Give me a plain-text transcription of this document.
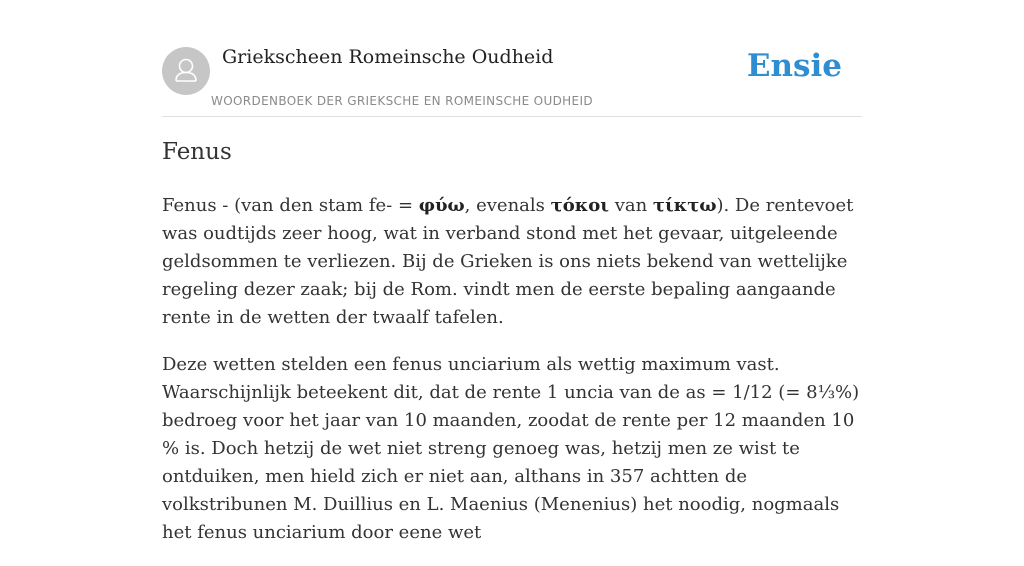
Griekscheen Romeinsche Oudheid
WOORDENBOEK DER GRIEKSCHE EN ROMEINSCHE OUDHEID
Ensie
Fenus

Fenus - (van den stam fe- = φύω, evenals τόκοι van τίκτω). De rentevoet was oudtijds zeer hoog, wat in verband stond met het gevaar, uitgeleende geldsommen te verliezen. Bij de Grieken is ons niets bekend van wettelijke regeling dezer zaak; bij de Rom. vindt men de eerste bepaling aangaande rente in de wetten der twaalf tafelen.

Deze wetten stelden een fenus unciarium als wettig maximum vast. Waarschijnlijk beteekent dit, dat de rente 1 uncia van de as = 1/12 (= 8⅓%) bedroeg voor het jaar van 10 maanden, zoodat de rente per 12 maanden 10 % is. Doch hetzij de wet niet streng genoeg was, hetzij men ze wist te ontduiken, men hield zich er niet aan, althans in 357 achtten de volkstribunen M. Duillius en L. Maenius (Menenius) het noodig, nogmaals het fenus unciarium door eene wet
